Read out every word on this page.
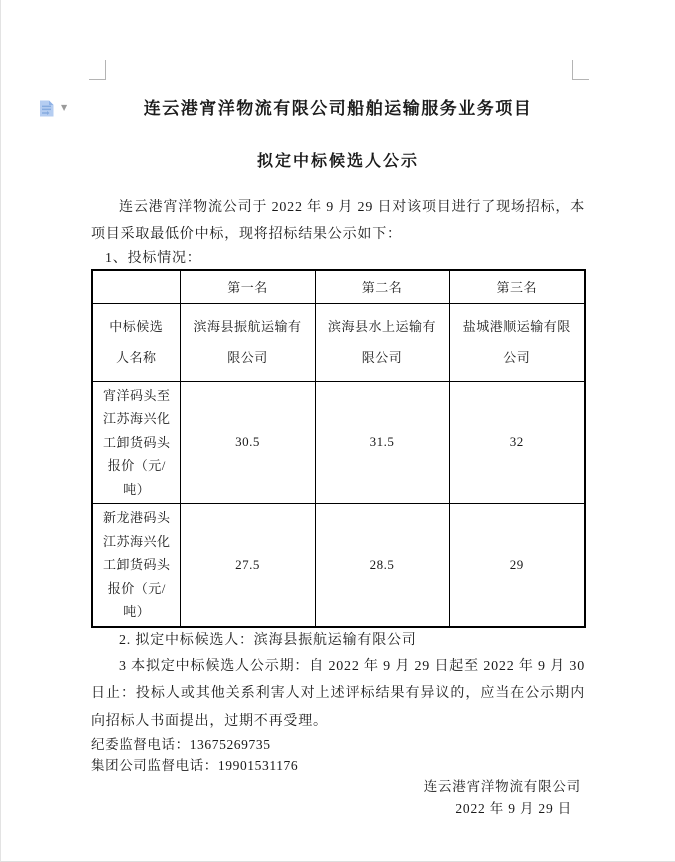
▼	连云港宵洋物流有限公司船舶运输服务业务项目
拟定中标候选人公示

连云港宵洋物流公司于 2022 年 9 月 29 日对该项目进行了现场招标，本项目采取最低价中标，现将招标结果公示如下：

1、投标情况：

	第一名	第二名	第三名
中标候选人名称	滨海县振航运输有限公司	滨海县水上运输有限公司	盐城港顺运输有限公司
宵洋码头至江苏海兴化工卸货码头报价（元/吨）	30.5	31.5	32
新龙港码头江苏海兴化工卸货码头报价（元/吨）	27.5	28.5	29

2. 拟定中标候选人：滨海县振航运输有限公司

3 本拟定中标候选人公示期：自 2022 年 9 月 29 日起至 2022 年 9 月 30 日止：投标人或其他关系利害人对上述评标结果有异议的，应当在公示期内向招标人书面提出，过期不再受理。

纪委监督电话：13675269735

集团公司监督电话：19901531176

连云港宵洋物流有限公司

2022 年 9 月 29 日
